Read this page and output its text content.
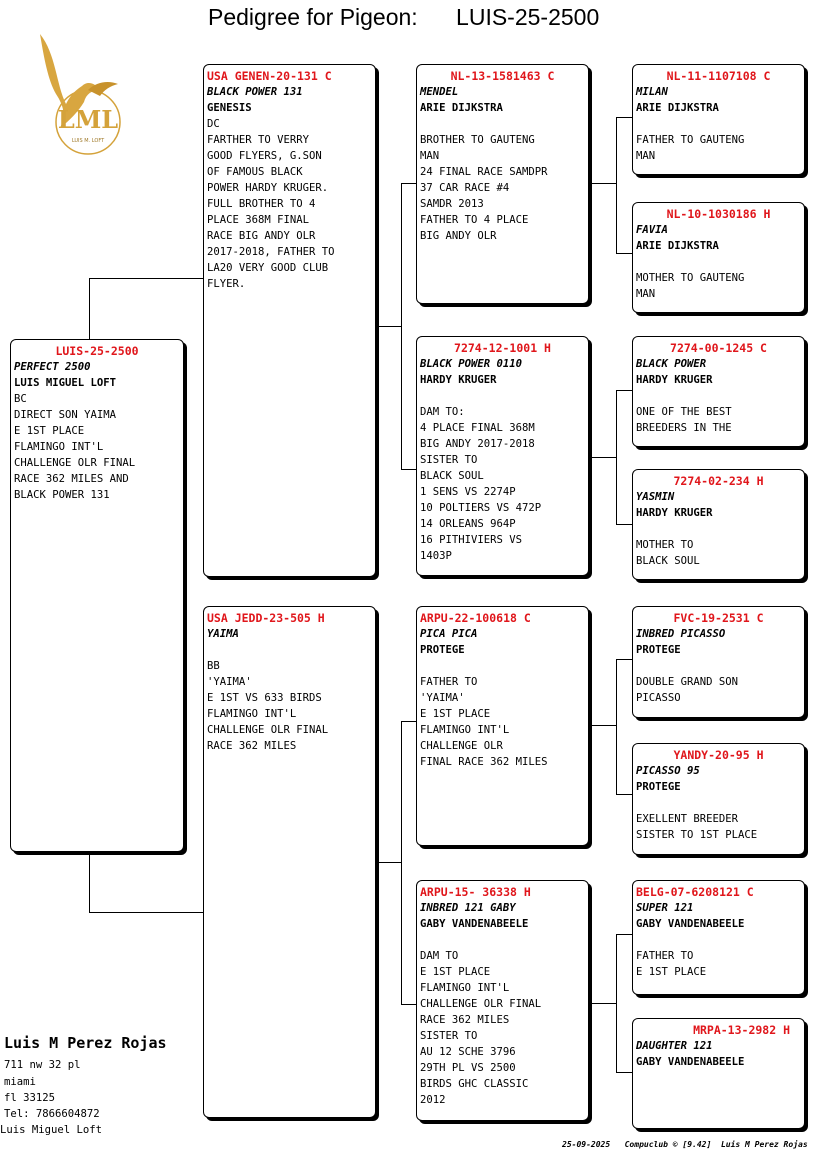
Pedigree for Pigeon: LUIS-25-2500
LML
LUIS M. LOFT
LUIS-25-2500
PERFECT 2500
LUIS MIGUEL LOFT
BC
DIRECT SON YAIMA
E 1ST PLACE
FLAMINGO INT'L
CHALLENGE OLR FINAL
RACE 362 MILES AND
BLACK POWER 131
USA GENEN-20-131 C
BLACK POWER 131
GENESIS
DC
FARTHER TO VERRY
GOOD FLYERS, G.SON
OF FAMOUS BLACK
POWER HARDY KRUGER.
FULL BROTHER TO 4
PLACE 368M FINAL
RACE BIG ANDY OLR
2017-2018, FATHER TO
LA20 VERY GOOD CLUB
FLYER.
USA JEDD-23-505 H
YAIMA
BB
'YAIMA'
E 1ST VS 633 BIRDS
FLAMINGO INT'L
CHALLENGE OLR FINAL
RACE 362 MILES
NL-13-1581463 C
MENDEL
ARIE DIJKSTRA
BROTHER TO GAUTENG
MAN
24 FINAL RACE SAMDPR
37 CAR RACE #4
SAMDR 2013
FATHER TO 4 PLACE
BIG ANDY OLR
7274-12-1001 H
BLACK POWER 0110
HARDY KRUGER
DAM TO:
4 PLACE FINAL 368M
BIG ANDY 2017-2018
SISTER TO
BLACK SOUL
1 SENS VS 2274P
10 POLTIERS VS 472P
14 ORLEANS 964P
16 PITHIVIERS VS
1403P
ARPU-22-100618 C
PICA PICA
PROTEGE
FATHER TO
'YAIMA'
E 1ST PLACE
FLAMINGO INT'L
CHALLENGE OLR
FINAL RACE 362 MILES
ARPU-15- 36338 H
INBRED 121 GABY
GABY VANDENABEELE
DAM TO
E 1ST PLACE
FLAMINGO INT'L
CHALLENGE OLR FINAL
RACE 362 MILES
SISTER TO
AU 12 SCHE 3796
29TH PL VS 2500
BIRDS GHC CLASSIC
2012
NL-11-1107108 C
MILAN
ARIE DIJKSTRA
FATHER TO GAUTENG
MAN
NL-10-1030186 H
FAVIA
ARIE DIJKSTRA
MOTHER TO GAUTENG
MAN
7274-00-1245 C
BLACK POWER
HARDY KRUGER
ONE OF THE BEST
BREEDERS IN THE
7274-02-234 H
YASMIN
HARDY KRUGER
MOTHER TO
BLACK SOUL
FVC-19-2531 C
INBRED PICASSO
PROTEGE
DOUBLE GRAND SON
PICASSO
YANDY-20-95 H
PICASSO 95
PROTEGE
EXELLENT BREEDER
SISTER TO 1ST PLACE
BELG-07-6208121 C
SUPER 121
GABY VANDENABEELE
FATHER TO
E 1ST PLACE
MRPA-13-2982 H
DAUGHTER 121
GABY VANDENABEELE
Luis M Perez Rojas
711 nw 32 pl
miami
fl 33125
Tel: 7866604872
Luis Miguel Loft
25-09-2025   Compuclub © [9.42]  Luis M Perez Rojas
